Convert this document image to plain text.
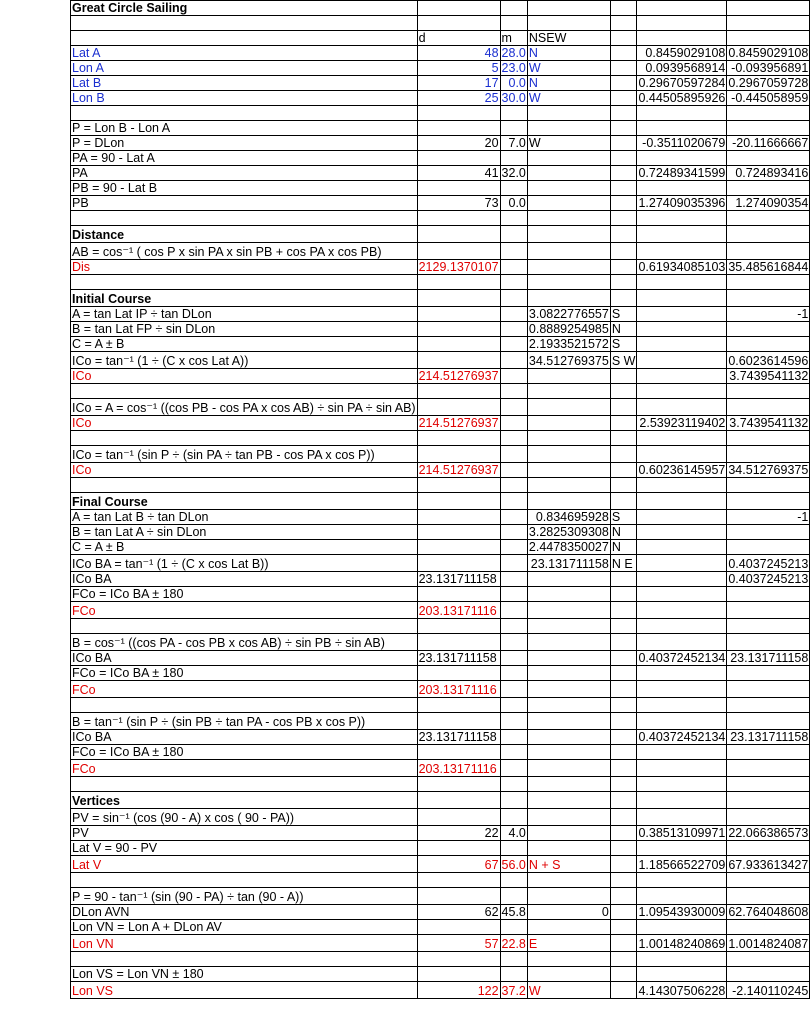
Great Circle Sailing						

	d	m	NSEW			
Lat A	48	28.0	N		0.8459029108	0.8459029108
Lon A	5	23.0	W		0.0939568914	-0.093956891
Lat B	17	0.0	N		0.29670597284	0.2967059728
Lon B	25	30.0	W		0.44505895926	-0.445058959

P = Lon B - Lon A						
P = DLon	20	7.0	W		-0.3511020679	-20.11666667
PA = 90 - Lat A						
PA	41	32.0			0.72489341599	0.724893416
PB = 90 - Lat B						
PB	73	0.0			1.27409035396	1.274090354

Distance						
AB = cos⁻¹ ( cos P x sin PA x sin PB + cos PA x cos PB)						
Dis	2129.1370107				0.61934085103	35.485616844

Initial Course						
A = tan Lat IP ÷ tan DLon			3.0822776557	S		-1
B = tan Lat FP ÷ sin DLon			0.8889254985	N		
C = A ± B			2.1933521572	S		
ICo = tan⁻¹ (1 ÷ (C x cos Lat A))			34.512769375	S W		0.6023614596
ICo	214.51276937					3.7439541132

ICo = A = cos⁻¹ ((cos PB - cos PA x cos AB) ÷ sin PA ÷ sin AB)						
ICo	214.51276937				2.53923119402	3.7439541132

ICo = tan⁻¹ (sin P ÷ (sin PA ÷ tan PB - cos PA x cos P))						
ICo	214.51276937				0.60236145957	34.512769375

Final Course						
A = tan Lat B ÷ tan DLon			0.834695928	S		-1
B = tan Lat A ÷ sin DLon			3.2825309308	N		
C = A ± B			2.4478350027	N		
ICo BA = tan⁻¹ (1 ÷ (C x cos Lat B))			23.131711158	N E		0.4037245213
ICo BA	23.131711158					0.4037245213
FCo = ICo BA ± 180						
FCo	203.13171116					

B = cos⁻¹ ((cos PA - cos PB x cos AB) ÷ sin PB ÷ sin AB)						
ICo BA	23.131711158				0.40372452134	23.131711158
FCo = ICo BA ± 180						
FCo	203.13171116					

B = tan⁻¹ (sin P ÷ (sin PB ÷ tan PA - cos PB x cos P))						
ICo BA	23.131711158				0.40372452134	23.131711158
FCo = ICo BA ± 180						
FCo	203.13171116					

Vertices						
PV = sin⁻¹ (cos (90 - A) x cos ( 90 - PA))						
PV	22	4.0			0.38513109971	22.066386573
Lat V = 90 - PV						
Lat V	67	56.0	N + S		1.18566522709	67.933613427

P = 90 - tan⁻¹ (sin (90 - PA) ÷ tan (90 - A))						
DLon AVN	62	45.8	0		1.09543930009	62.764048608
Lon VN = Lon A + DLon AV						
Lon VN	57	22.8	E		1.00148240869	1.0014824087

Lon VS = Lon VN ± 180						
Lon VS	122	37.2	W		4.14307506228	-2.140110245
